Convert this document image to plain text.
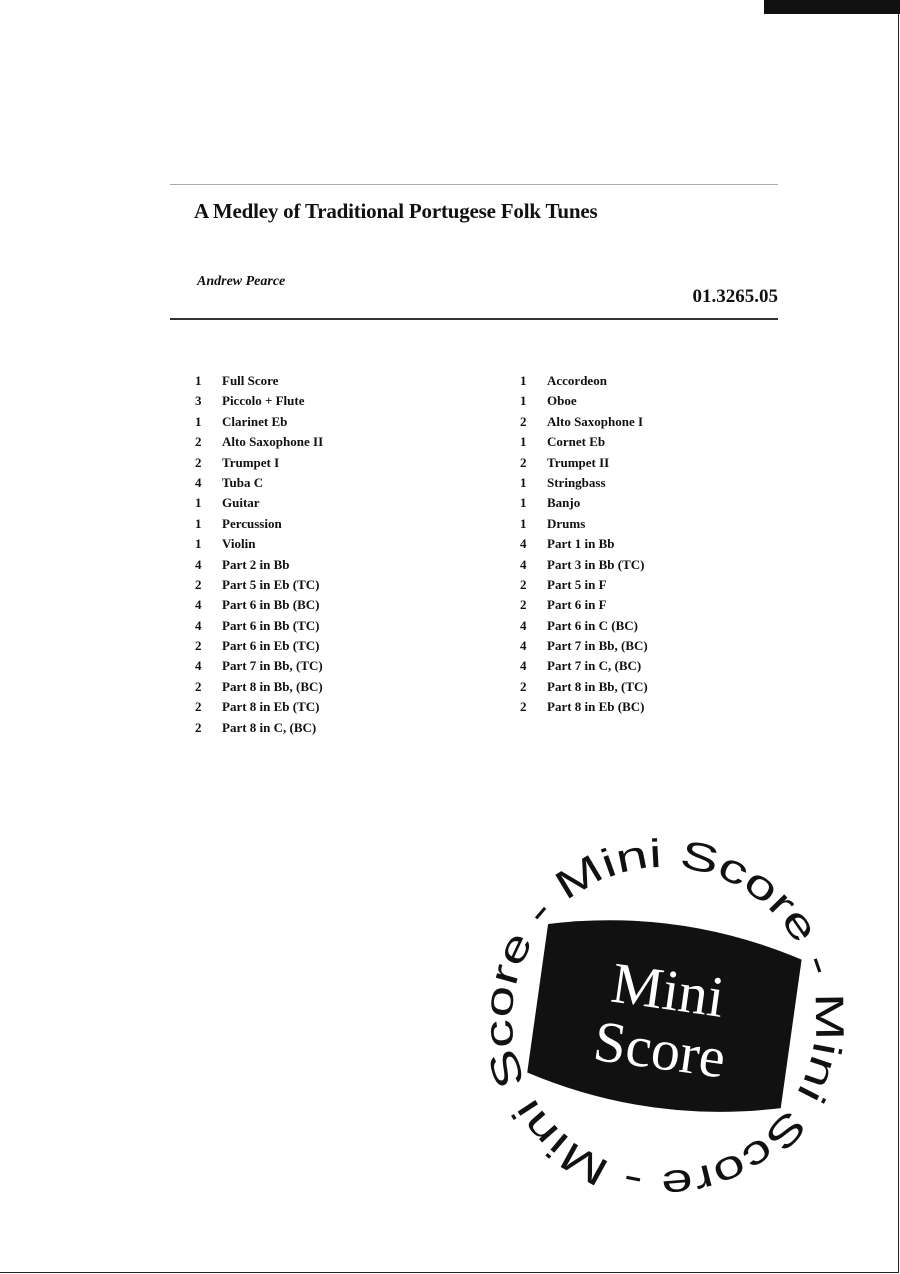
A Medley of Traditional Portugese Folk Tunes
Andrew Pearce
01.3265.05
1	Full Score
3	Piccolo + Flute
1	Clarinet Eb
2	Alto Saxophone II
2	Trumpet I
4	Tuba C
1	Guitar
1	Percussion
1	Violin
4	Part 2 in Bb
2	Part 5 in Eb (TC)
4	Part 6 in Bb (BC)
4	Part 6 in Bb (TC)
2	Part 6 in Eb (TC)
4	Part 7 in Bb, (TC)
2	Part 8 in Bb, (BC)
2	Part 8 in Eb (TC)
2	Part 8 in C, (BC)
1	Accordeon
1	Oboe
2	Alto Saxophone I
1	Cornet Eb
2	Trumpet II
1	Stringbass
1	Banjo
1	Drums
4	Part 1 in Bb
4	Part 3 in Bb (TC)
2	Part 5 in F
2	Part 6 in F
4	Part 6 in C (BC)
4	Part 7 in Bb, (BC)
4	Part 7 in C, (BC)
2	Part 8 in Bb, (TC)
2	Part 8 in Eb (BC)
Mini Score - Mini Score - Mini Score -
Mini
Score
